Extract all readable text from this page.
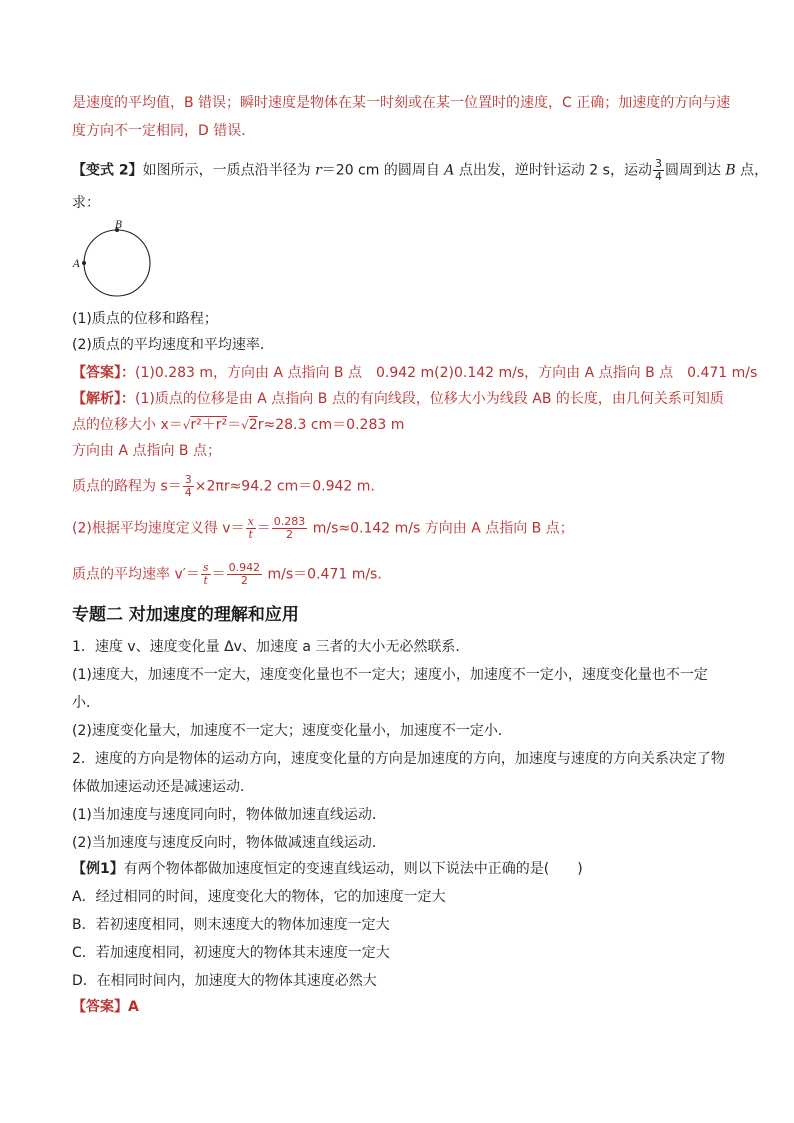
是速度的平均值，B 错误；瞬时速度是物体在某一时刻或在某一位置时的速度，C 正确；加速度的方向与速
度方向不一定相同，D 错误．
【变式 2】如图所示，一质点沿半径为 r＝20 cm 的圆周自 A 点出发，逆时针运动 2 s，运动 $\frac{3}{4}$ 圆周到达 B 点，
求：
A
B
(1)质点的位移和路程；
(2)质点的平均速度和平均速率．
【答案】：(1)0.283 m，方向由 A 点指向 B 点　0.942 m(2)0.142 m/s，方向由 A 点指向 B 点　0.471 m/s
【解析】：(1)质点的位移是由 A 点指向 B 点的有向线段，位移大小为线段 AB 的长度，由几何关系可知质
点的位移大小 x＝√r²＋r²＝√2r≈28.3 cm＝0.283 m
方向由 A 点指向 B 点；
质点的路程为 $s= \frac{3}{4} \times 2\pi r\approx 94.2$ cm＝0.942 m.
(2)根据平均速度定义得 $v= \frac{x}{t} = \frac{0.283}{2} m/s\approx 0.142$ m/s 方向由 A 点指向 B 点；
质点的平均速率 $v'= \frac{s}{t} = \frac{0.942}{2} m/s=0.471$ m/s.
专题二 对加速度的理解和应用
1．速度 v、速度变化量 Δv、加速度 a 三者的大小无必然联系．
(1)速度大，加速度不一定大，速度变化量也不一定大；速度小，加速度不一定小，速度变化量也不一定
小．
(2)速度变化量大，加速度不一定大；速度变化量小，加速度不一定小．
2．速度的方向是物体的运动方向，速度变化量的方向是加速度的方向，加速度与速度的方向关系决定了物
体做加速运动还是减速运动．
(1)当加速度与速度同向时，物体做加速直线运动．
(2)当加速度与速度反向时，物体做减速直线运动．
【例1】有两个物体都做加速度恒定的变速直线运动，则以下说法中正确的是(　　)
A．经过相同的时间，速度变化大的物体，它的加速度一定大
B．若初速度相同，则末速度大的物体加速度一定大
C．若加速度相同，初速度大的物体其末速度一定大
D．在相同时间内，加速度大的物体其速度必然大
【答案】A
